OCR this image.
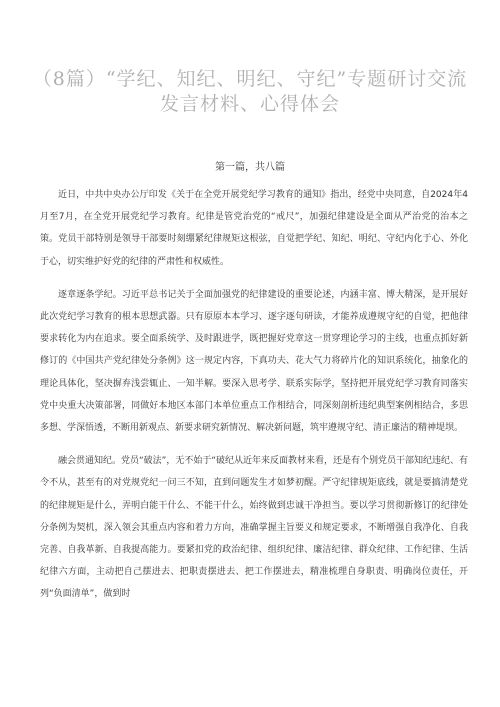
（8篇）“学纪、知纪、明纪、守纪”专题研讨交流
发言材料、心得体会
第一篇，共八篇

近日，中共中央办公厅印发《关于在全党开展党纪学习教育的通知》指出，经党中央同意，自2024年4月至7月，在全党开展党纪学习教育。纪律是管党治党的“戒尺”，加强纪律建设是全面从严治党的治本之策。党员干部特别是领导干部要时刻绷紧纪律规矩这根弦，自觉把学纪、知纪、明纪、守纪内化于心、外化于心，切实维护好党的纪律的严肃性和权威性。

逐章逐条学纪。习近平总书记关于全面加强党的纪律建设的重要论述，内涵丰富、博大精深，是开展好此次党纪学习教育的根本思想武器。只有原原本本学习、逐字逐句研读，才能养成遵规守纪的自觉，把他律要求转化为内在追求。要全面系统学、及时跟进学，既把握好党章这一贯穿理论学习的主线，也重点抓好新修订的《中国共产党纪律处分条例》这一规定内容，下真功夫、花大气力将碎片化的知识系统化，抽象化的理论具体化，坚决摒弃浅尝辄止、一知半解。要深入思考学、联系实际学，坚持把开展党纪学习教育同落实党中央重大决策部署，同做好本地区本部门本单位重点工作相结合，同深刻剖析违纪典型案例相结合，多思多想、学深悟透，不断用新观点、新要求研究新情况、解决新问题，筑牢遵规守纪、清正廉洁的精神堤坝。

融会贯通知纪。党员“破法”，无不始于“破纪从近年来反面教材来看，还是有个别党员干部知纪违纪、有令不从，甚至有的对党规党纪一问三不知，直到问题发生才如梦初醒。严守纪律规矩底线，就是要搞清楚党的纪律规矩是什么，弄明白能干什么、不能干什么，始终做到忠诚干净担当。要以学习贯彻新修订的纪律处分条例为契机，深入领会其重点内容和着力方向，准确掌握主旨要义和规定要求，不断增强自我净化、自我完善、自我革新、自我提高能力。要紧扣党的政治纪律、组织纪律、廉洁纪律、群众纪律、工作纪律、生活纪律六方面，主动把自己摆进去、把职责摆进去、把工作摆进去，精准梳理自身职责、明确岗位责任，开列“负面清单”，做到时
